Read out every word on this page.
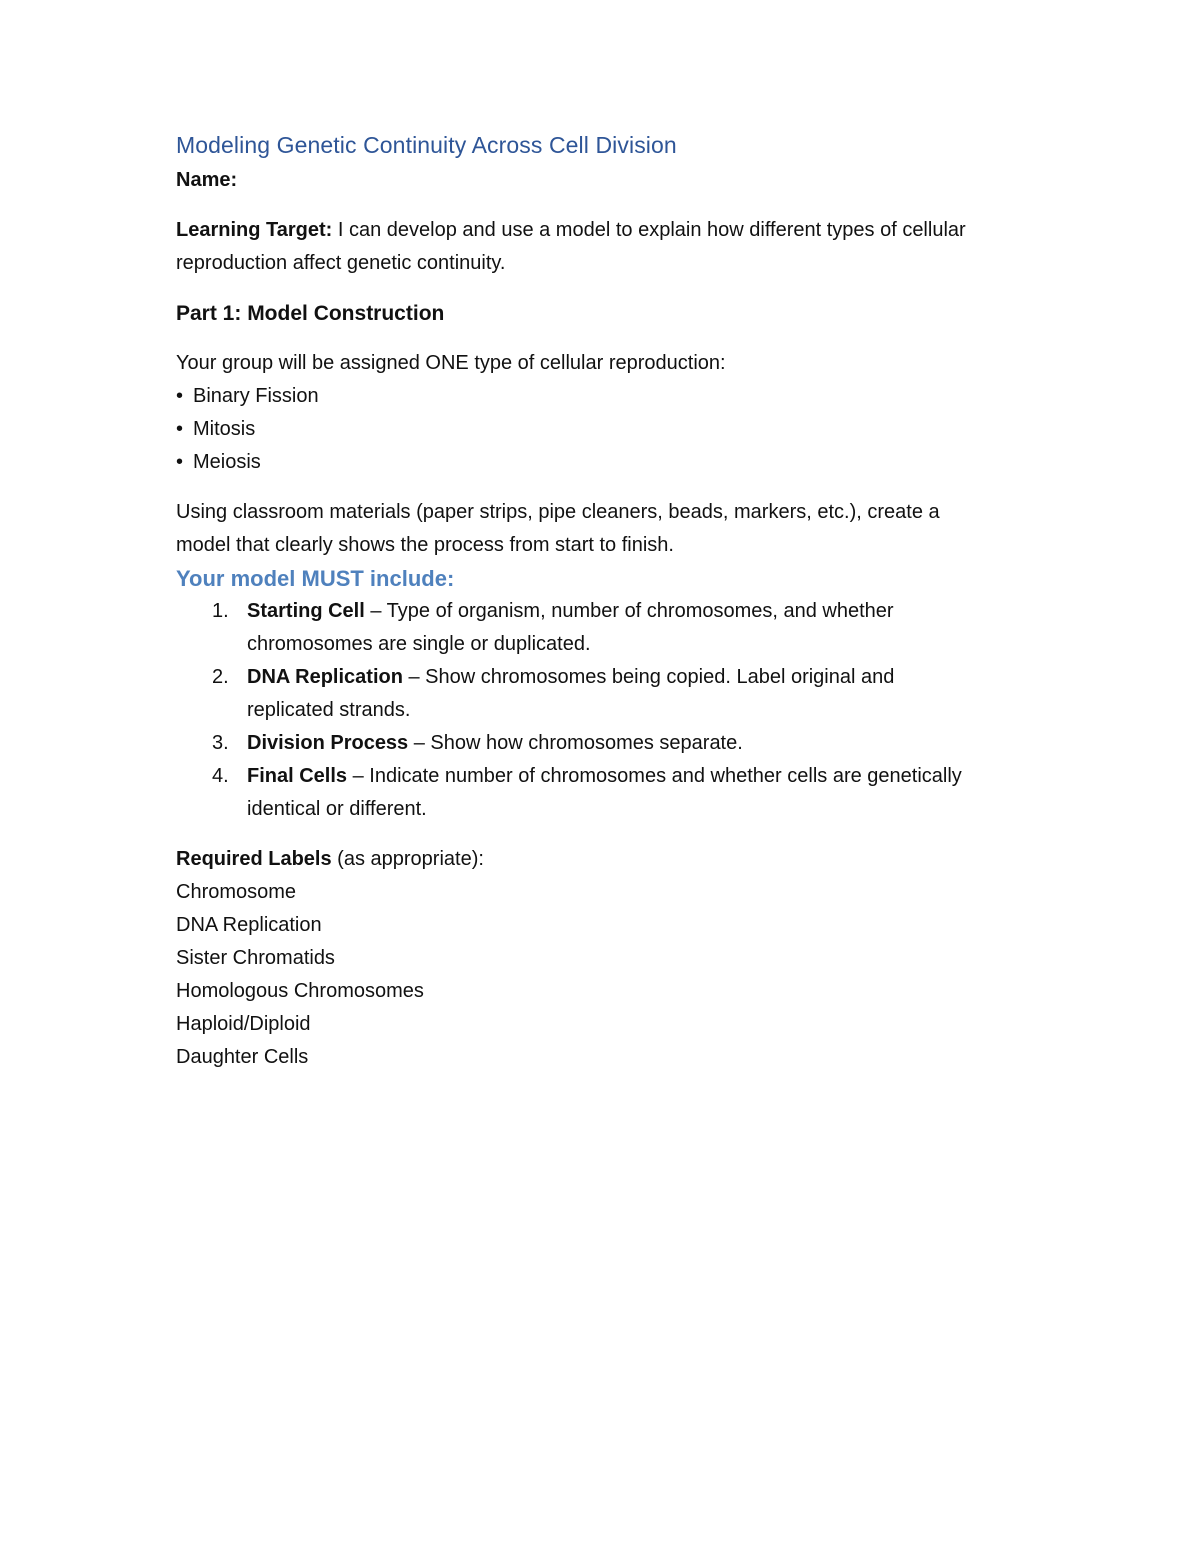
Modeling Genetic Continuity Across Cell Division

Name:

Learning Target: I can develop and use a model to explain how different types of cellular

reproduction affect genetic continuity.

Part 1: Model Construction

Your group will be assigned ONE type of cellular reproduction:

• Binary Fission
• Mitosis
• Meiosis

Using classroom materials (paper strips, pipe cleaners, beads, markers, etc.), create a

model that clearly shows the process from start to finish.

Your model MUST include:

1. Starting Cell – Type of organism, number of chromosomes, and whether
chromosomes are single or duplicated.
2. DNA Replication – Show chromosomes being copied. Label original and
replicated strands.
3. Division Process – Show how chromosomes separate.
4. Final Cells – Indicate number of chromosomes and whether cells are genetically
identical or different.

Required Labels (as appropriate):

Chromosome
DNA Replication
Sister Chromatids
Homologous Chromosomes
Haploid/Diploid
Daughter Cells
